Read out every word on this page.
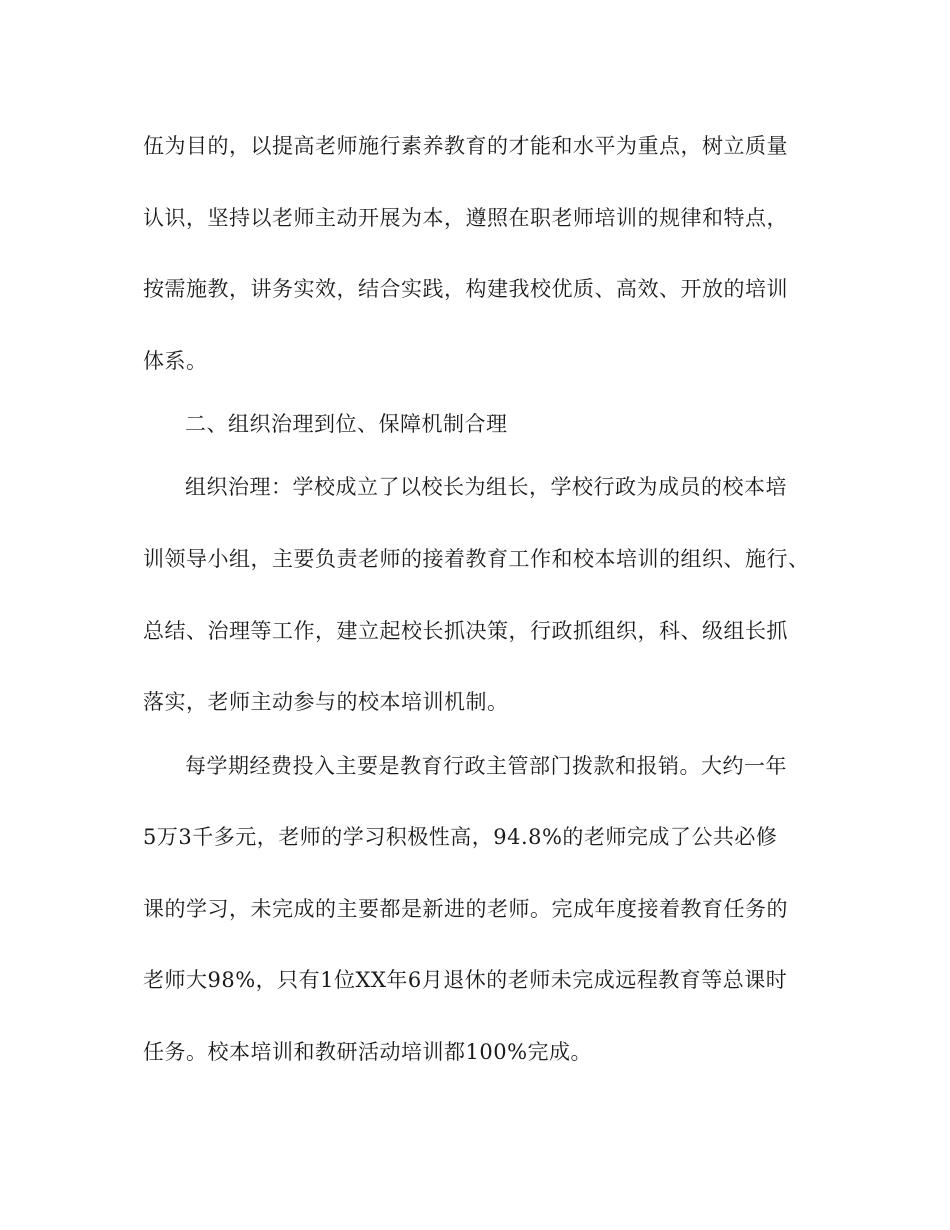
伍为目的，以提高老师施行素养教育的才能和水平为重点，树立质量
认识，坚持以老师主动开展为本，遵照在职老师培训的规律和特点，
按需施教，讲务实效，结合实践，构建我校优质、高效、开放的培训
体系。
二、组织治理到位、保障机制合理
组织治理：学校成立了以校长为组长，学校行政为成员的校本培
训领导小组，主要负责老师的接着教育工作和校本培训的组织、施行、
总结、治理等工作，建立起校长抓决策，行政抓组织，科、级组长抓
落实，老师主动参与的校本培训机制。
每学期经费投入主要是教育行政主管部门拨款和报销。大约一年
5万3千多元，老师的学习积极性高，94.8%的老师完成了公共必修
课的学习，未完成的主要都是新进的老师。完成年度接着教育任务的
老师大98%，只有1位XX年6月退休的老师未完成远程教育等总课时
任务。校本培训和教研活动培训都100%完成。
